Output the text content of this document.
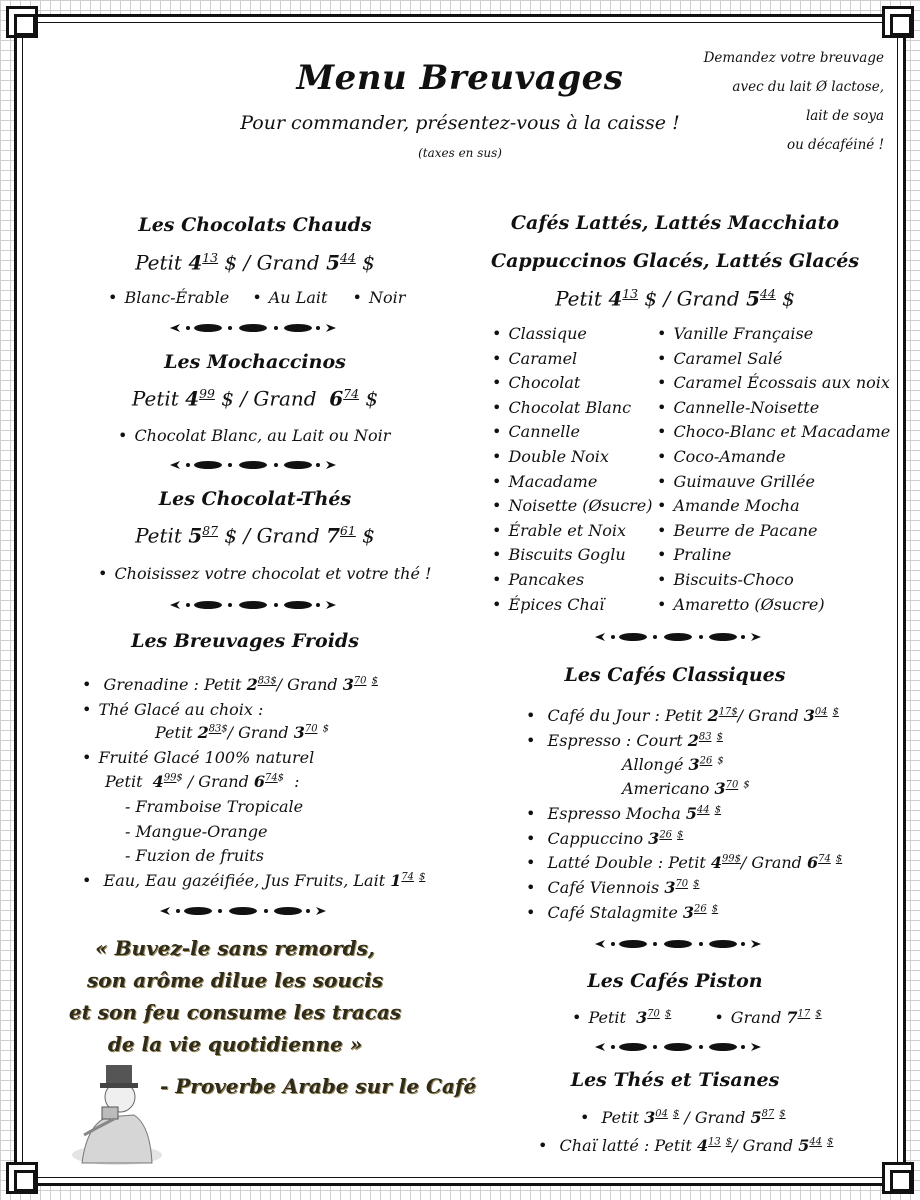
Menu Breuvages
Pour commander, présentez-vous à la caisse !
(taxes en sus)
Demandez votre breuvage
avec du lait Ø lactose,
lait de soya
ou décaféiné !
Les Chocolats Chauds
Petit $4^{13}$ $ / Grand $5^{44}$ $
• Blanc-Érable • Au Lait	• Noir
Les Mochaccinos
Petit $4^{99}$ $ / Grand $6^{74}$ $
• Chocolat Blanc, au Lait ou Noir
Les Chocolat-Thés
Petit $5^{87}$ $ / Grand $7^{61}$ $
• Choisissez votre chocolat et votre thé !
Les Breuvages Froids
• Grenadine : Petit $2^{83\$}/$ Grand $3^{70}$ $
• Thé Glacé au choix :
Petit $2^{83\$}/$ Grand $3^{70}$ $
• Fruité Glacé 100% naturel
Petit $4^{99\$}$ / Grand $6^{74\$}$ :
- Framboise Tropicale
- Mangue-Orange
- Fuzion de fruits
• Eau, Eau gazéifiée, Jus Fruits, Lait $1^{74}$ $
« Buvez-le sans remords,
son arôme dilue les soucis
et son feu consume les tracas
de la vie quotidienne »
- Proverbe Arabe sur le Café
Cafés Lattés, Lattés Macchiato
Cappuccinos Glacés, Lattés Glacés
Petit $4^{13}$ $ / Grand $5^{44}$ $
• Classique
• Caramel
• Chocolat
• Chocolat Blanc
• Cannelle
• Double Noix
• Macadame
• Noisette (Øsucre)
• Érable et Noix
• Biscuits Goglu
• Pancakes
• Épices Chaï
• Vanille Française
• Caramel Salé
• Caramel Écossais aux noix
• Cannelle-Noisette
• Choco-Blanc et Macadame
• Coco-Amande
• Guimauve Grillée
• Amande Mocha
• Beurre de Pacane
• Praline
• Biscuits-Choco
• Amaretto (Øsucre)
Les Cafés Classiques
• Café du Jour : Petit $2^{17\$}/$ Grand $3^{04}$ $
• Espresso : Court $2^{83}$ $
Allongé $3^{26}$ $
Americano $3^{70}$ $
• Espresso Mocha $5^{44}$ $
• Cappuccino $3^{26}$ $
• Latté Double : Petit $4^{99\$}/$ Grand $6^{74}$ $
• Café Viennois $3^{70}$ $
• Café Stalagmite $3^{26}$ $
Les Cafés Piston
• Petit $3^{70}$ $	• Grand $7^{17}$ $
Les Thés et Tisanes
• Petit $3^{04}$ $ / Grand $5^{87}$ $
• Chaï latté : Petit $4^{13}$ $/ Grand $5^{44}$ $
